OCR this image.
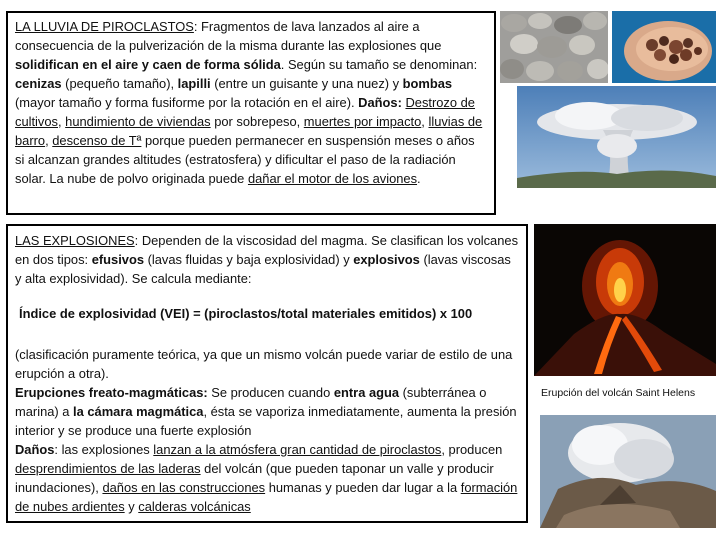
LA LLUVIA DE PIROCLASTOS: Fragmentos de lava lanzados al aire a consecuencia de la pulverización de la misma durante las explosiones que solidifican en el aire y caen de forma sólida. Según su tamaño se denominan: cenizas (pequeño tamaño), lapilli (entre un guisante y una nuez) y bombas (mayor tamaño y forma fusiforme por la rotación en el aire). Daños: Destrozo de cultivos, hundimiento de viviendas por sobrepeso, muertes por impacto, lluvias de barro, descenso de Tª porque pueden permanecer en suspensión meses o años si alcanzan grandes altitudes (estratosfera) y dificultar el paso de la radiación solar. La nube de polvo originada puede dañar el motor de los aviones.

LAS EXPLOSIONES: Dependen de la viscosidad del magma. Se clasifican los volcanes en dos tipos: efusivos (lavas fluidas y baja explosividad) y explosivos (lavas viscosas y alta explosividad). Se calcula mediante:

Índice de explosividad (VEI) = (piroclastos/total materiales emitidos) x 100

(clasificación puramente teórica, ya que un mismo volcán puede variar de estilo de una erupción a otra).
Erupciones freato-magmáticas: Se producen cuando entra agua (subterránea o marina) a la cámara magmática, ésta se vaporiza inmediatamente, aumenta la presión interior y se produce una fuerte explosión
Daños: las explosiones lanzan a la atmósfera gran cantidad de piroclastos, producen desprendimientos de las laderas del volcán (que pueden taponar un valle y producir inundaciones), daños en las construcciones humanas y pueden dar lugar a la formación de nubes ardientes y calderas volcánicas

Erupción del volcán Saint Helens
